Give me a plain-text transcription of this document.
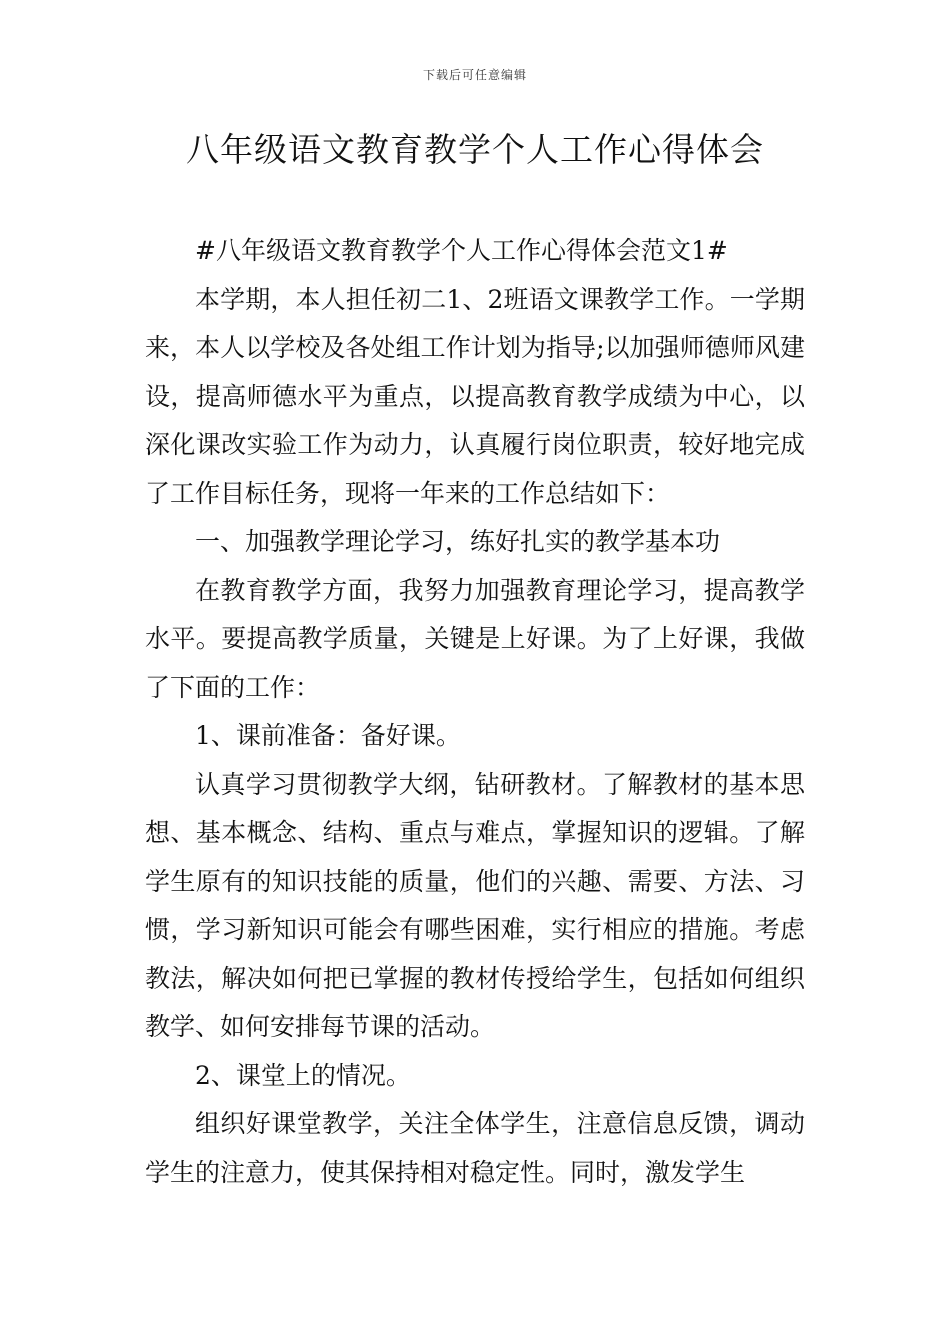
下载后可任意编辑
八年级语文教育教学个人工作心得体会

#八年级语文教育教学个人工作心得体会范文1#

本学期，本人担任初二1、2班语文课教学工作。一学期来，本人以学校及各处组工作计划为指导;以加强师德师风建设，提高师德水平为重点，以提高教育教学成绩为中心，以深化课改实验工作为动力，认真履行岗位职责，较好地完成了工作目标任务，现将一年来的工作总结如下：

一、加强教学理论学习，练好扎实的教学基本功

在教育教学方面，我努力加强教育理论学习，提高教学水平。要提高教学质量，关键是上好课。为了上好课，我做了下面的工作：

1、课前准备：备好课。

认真学习贯彻教学大纲，钻研教材。了解教材的基本思想、基本概念、结构、重点与难点，掌握知识的逻辑。了解学生原有的知识技能的质量，他们的兴趣、需要、方法、习惯，学习新知识可能会有哪些困难，实行相应的措施。考虑教法，解决如何把已掌握的教材传授给学生，包括如何组织教学、如何安排每节课的活动。

2、课堂上的情况。

组织好课堂教学，关注全体学生，注意信息反馈，调动学生的注意力，使其保持相对稳定性。同时，激发学生
